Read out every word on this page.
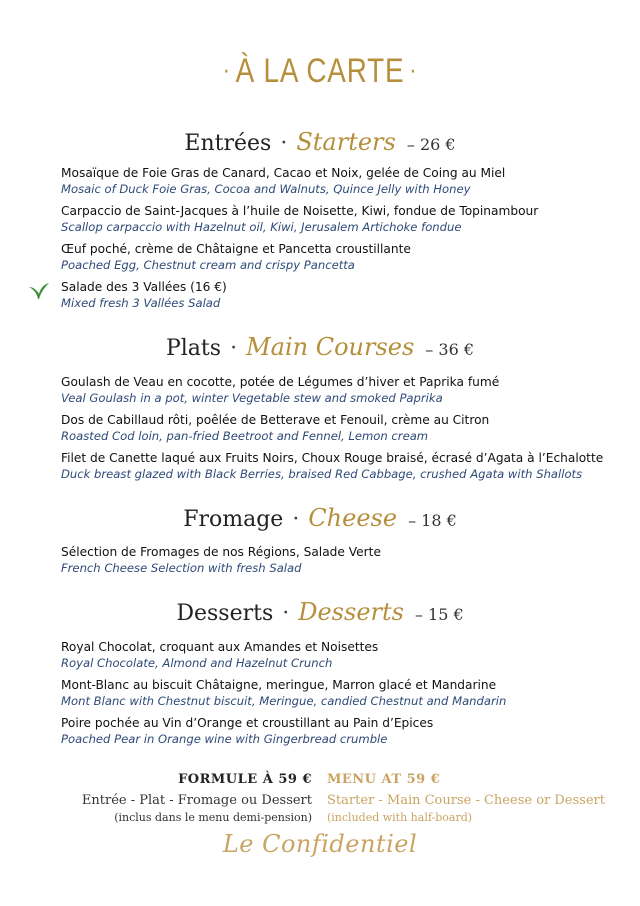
· À LA CARTE ·
Entrées · Starters – 26 €
Mosaïque de Foie Gras de Canard, Cacao et Noix, gelée de Coing au Miel
Mosaic of Duck Foie Gras, Cocoa and Walnuts, Quince Jelly with Honey
Carpaccio de Saint-Jacques à l’huile de Noisette, Kiwi, fondue de Topinambour
Scallop carpaccio with Hazelnut oil, Kiwi, Jerusalem Artichoke fondue
Œuf poché, crème de Châtaigne et Pancetta croustillante
Poached Egg, Chestnut cream and crispy Pancetta
Salade des 3 Vallées (16 €)
Mixed fresh 3 Vallées Salad
Plats · Main Courses – 36 €
Goulash de Veau en cocotte, potée de Légumes d’hiver et Paprika fumé
Veal Goulash in a pot, winter Vegetable stew and smoked Paprika
Dos de Cabillaud rôti, poêlée de Betterave et Fenouil, crème au Citron
Roasted Cod loin, pan-fried Beetroot and Fennel, Lemon cream
Filet de Canette laqué aux Fruits Noirs, Choux Rouge braisé, écrasé d’Agata à l’Echalotte
Duck breast glazed with Black Berries, braised Red Cabbage, crushed Agata with Shallots
Fromage · Cheese – 18 €
Sélection de Fromages de nos Régions, Salade Verte
French Cheese Selection with fresh Salad
Desserts · Desserts – 15 €
Royal Chocolat, croquant aux Amandes et Noisettes
Royal Chocolate, Almond and Hazelnut Crunch
Mont-Blanc au biscuit Châtaigne, meringue, Marron glacé et Mandarine
Mont Blanc with Chestnut biscuit, Meringue, candied Chestnut and Mandarin
Poire pochée au Vin d’Orange et croustillant au Pain d’Epices
Poached Pear in Orange wine with Gingerbread crumble
FORMULE À 59 €
Entrée - Plat - Fromage ou Dessert
(inclus dans le menu demi-pension)
MENU AT 59 €
Starter - Main Course - Cheese or Dessert
(included with half-board)
Le Confidentiel
